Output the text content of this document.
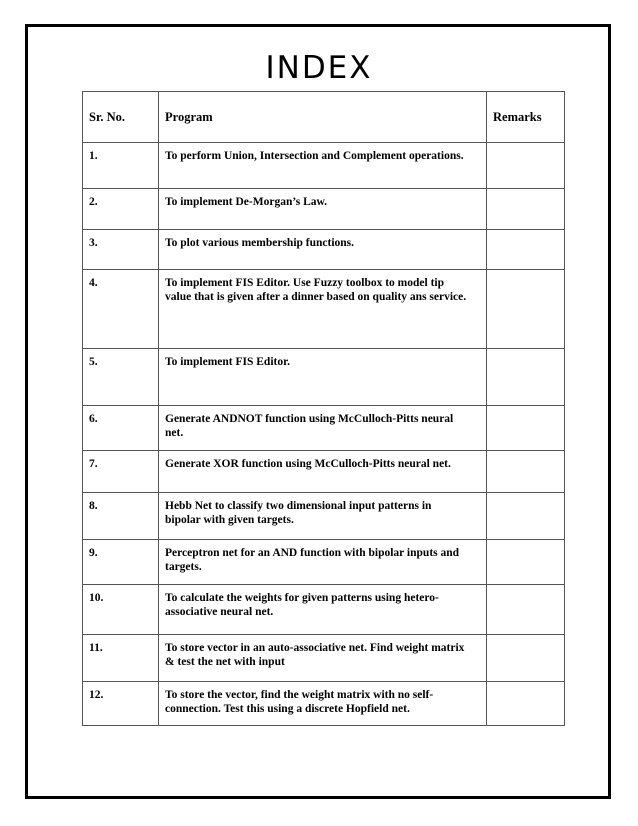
INDEX
Sr. No.	Program	Remarks
1.	To perform Union, Intersection and Complement operations.	
2.	To implement De-Morgan’s Law.	
3.	To plot various membership functions.	
4.	To implement FIS Editor. Use Fuzzy toolbox to model tip value that is given after a dinner based on quality ans service.	
5.	To implement FIS Editor.	
6.	Generate ANDNOT function using McCulloch-Pitts neural net.	
7.	Generate XOR function using McCulloch-Pitts neural net.	
8.	Hebb Net to classify two dimensional input patterns in bipolar with given targets.	
9.	Perceptron net for an AND function with bipolar inputs and targets.	
10.	To calculate the weights for given patterns using hetero-associative neural net.	
11.	To store vector in an auto-associative net. Find weight matrix & test the net with input	
12.	To store the vector, find the weight matrix with no self-connection. Test this using a discrete Hopfield net.	
